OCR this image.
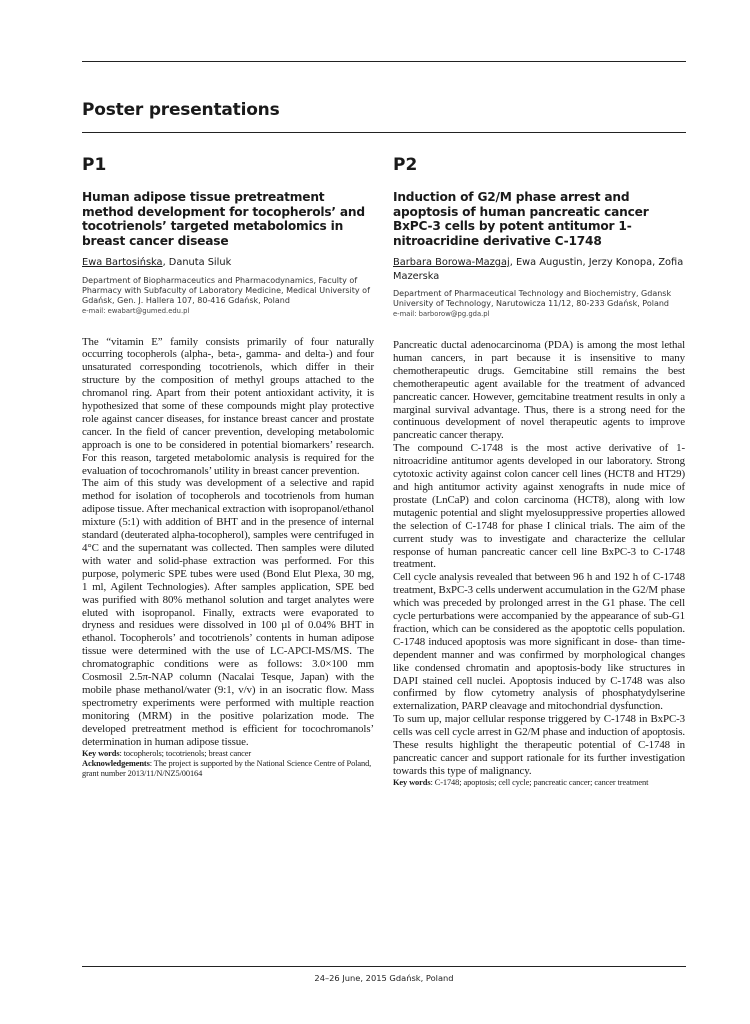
Poster presentations
P1
Human adipose tissue pretreatment method development for tocopherols’ and tocotrienols’ targeted metabolomics in breast cancer disease
Ewa Bartosińska, Danuta Siluk

Department of Biopharmaceutics and Pharmacodynamics, Faculty of Pharmacy with Subfaculty of Laboratory Medicine, Medical University of Gdańsk, Gen. J. Hallera 107, 80-416 Gdańsk, Poland

e-mail: ewabart@gumed.edu.pl

The “vitamin E” family consists primarily of four naturally occurring tocopherols (alpha-, beta-, gamma- and delta-) and four unsaturated corresponding tocotrienols, which differ in their structure by the composition of methyl groups attached to the chromanol ring. Apart from their potent antioxidant activity, it is hypothesized that some of these compounds might play protective role against cancer diseases, for instance breast cancer and prostate cancer. In the field of cancer prevention, developing metabolomic approach is one to be considered in potential biomarkers’ research. For this reason, targeted metabolomic analysis is required for the evaluation of tocochromanols’ utility in breast cancer prevention.

The aim of this study was development of a selective and rapid method for isolation of tocopherols and tocotrienols from human adipose tissue. After mechanical extraction with isopropanol/ethanol mixture (5:1) with addition of BHT and in the presence of internal standard (deuterated alpha-tocopherol), samples were centrifuged in 4°C and the supernatant was collected. Then samples were diluted with water and solid-phase extraction was performed. For this purpose, polymeric SPE tubes were used (Bond Elut Plexa, 30 mg, 1 ml, Agilent Technologies). After samples application, SPE bed was purified with 80% methanol solution and target analytes were eluted with isopropanol. Finally, extracts were evaporated to dryness and residues were dissolved in 100 µl of 0.04% BHT in ethanol. Tocopherols’ and tocotrienols’ contents in human adipose tissue were determined with the use of LC-APCI-MS/MS. The chromatographic conditions were as follows: 3.0×100 mm Cosmosil 2.5π-NAP column (Nacalai Tesque, Japan) with the mobile phase methanol/water (9:1, v/v) in an isocratic flow. Mass spectrometry experiments were performed with multiple reaction monitoring (MRM) in the positive polarization mode. The developed pretreatment method is efficient for tocochromanols’ determination in human adipose tissue.

Key words: tocopherols; tocotrienols; breast cancer

Acknowledgements: The project is supported by the National Science Centre of Poland, grant number 2013/11/N/NZ5/00164

P2
Induction of G2/M phase arrest and apoptosis of human pancreatic cancer BxPC-3 cells by potent antitumor 1-nitroacridine derivative C-1748
Barbara Borowa-Mazgaj, Ewa Augustin, Jerzy Konopa, Zofia Mazerska

Department of Pharmaceutical Technology and Biochemistry, Gdansk University of Technology, Narutowicza 11/12, 80-233 Gdańsk, Poland

e-mail: barborow@pg.gda.pl

Pancreatic ductal adenocarcinoma (PDA) is among the most lethal human cancers, in part because it is insensitive to many chemotherapeutic drugs. Gemcitabine still remains the best chemotherapeutic agent available for the treatment of advanced pancreatic cancer. However, gemcitabine treatment results in only a marginal survival advantage. Thus, there is a strong need for the continuous development of novel therapeutic agents to improve pancreatic cancer therapy.

The compound C-1748 is the most active derivative of 1-nitroacridine antitumor agents developed in our laboratory. Strong cytotoxic activity against colon cancer cell lines (HCT8 and HT29) and high antitumor activity against xenografts in nude mice of prostate (LnCaP) and colon carcinoma (HCT8), along with low mutagenic potential and slight myelosuppressive properties allowed the selection of C-1748 for phase I clinical trials. The aim of the current study was to investigate and characterize the cellular response of human pancreatic cancer cell line BxPC-3 to C-1748 treatment.

Cell cycle analysis revealed that between 96 h and 192 h of C-1748 treatment, BxPC-3 cells underwent accumulation in the G2/M phase which was preceded by prolonged arrest in the G1 phase. The cell cycle perturbations were accompanied by the appearance of sub-G1 fraction, which can be considered as the apoptotic cells population. C-1748 induced apoptosis was more significant in dose- than time-dependent manner and was confirmed by morphological changes like condensed chromatin and apoptosis-body like structures in DAPI stained cell nuclei. Apoptosis induced by C-1748 was also confirmed by flow cytometry analysis of phosphatydylserine externalization, PARP cleavage and mitochondrial dysfunction.

To sum up, major cellular response triggered by C-1748 in BxPC-3 cells was cell cycle arrest in G2/M phase and induction of apoptosis. These results highlight the therapeutic potential of C-1748 in pancreatic cancer and support rationale for its further investigation towards this type of malignancy.

Key words: C-1748; apoptosis; cell cycle; pancreatic cancer; cancer treatment

24–26 June, 2015 Gdańsk, Poland
